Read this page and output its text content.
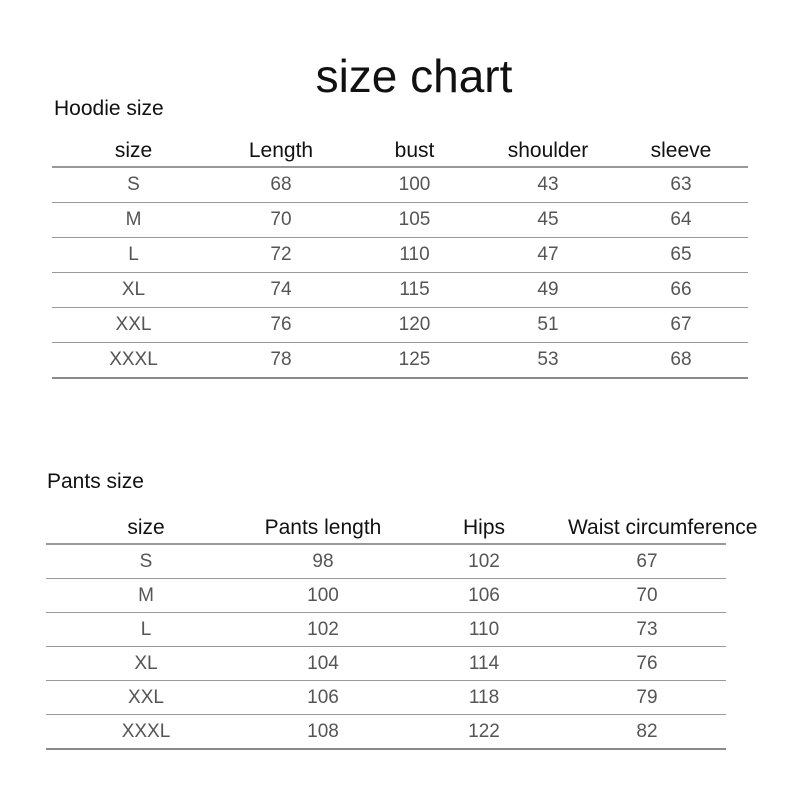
size chart
Hoodie size
size	Length	bust	shoulder	sleeve
S	68	100	43	63
M	70	105	45	64
L	72	110	47	65
XL	74	115	49	66
XXL	76	120	51	67
XXXL	78	125	53	68
Pants size
size	Pants length	Hips	Waist circumference
S	98	102	67
M	100	106	70
L	102	110	73
XL	104	114	76
XXL	106	118	79
XXXL	108	122	82
